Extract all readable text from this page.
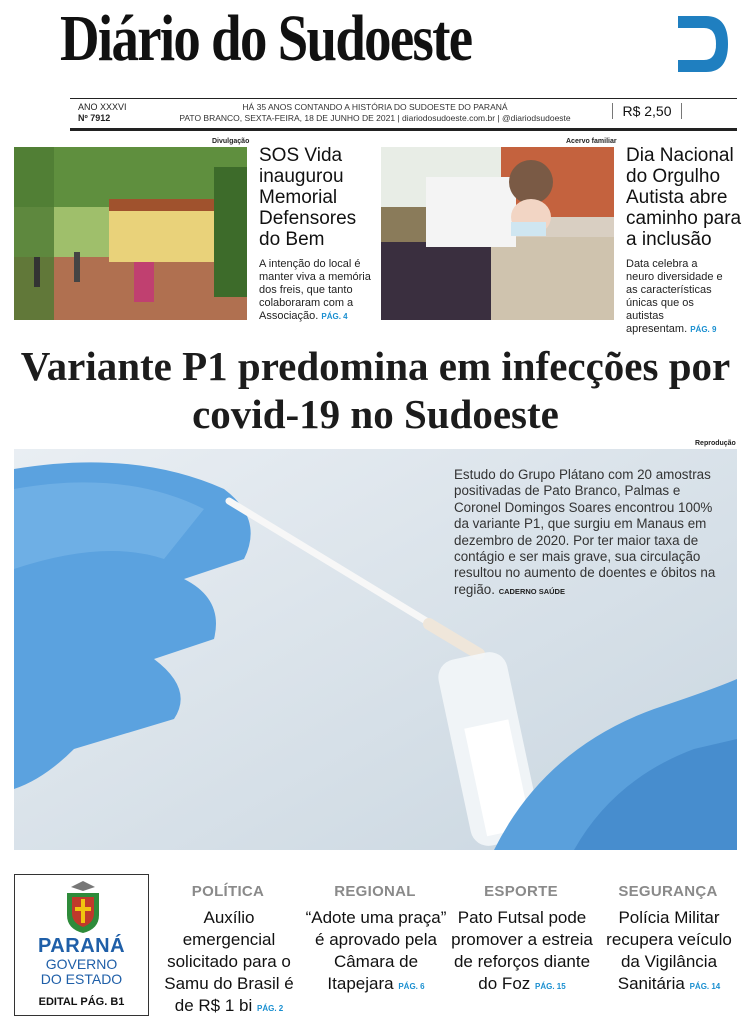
Diário do Sudoeste	35
ANO XXXVI
Nº 7912
HÁ 35 ANOS CONTANDO A HISTÓRIA DO SUDOESTE DO PARANÁ
PATO BRANCO, SEXTA-FEIRA, 18 DE JUNHO DE 2021 | diariodosudoeste.com.br | @diariodsudoeste	R$ 2,50
Divulgação
SOS Vida inaugurou Memorial Defensores do Bem
A intenção do local é manter viva a memória dos freis, que tanto colaboraram com a Associação. PÁG. 4
Acervo familiar
Dia Nacional do Orgulho Autista abre caminho para a inclusão
Data celebra a neuro diversidade e as características únicas que os autistas apresentam. PÁG. 9
Variante P1 predomina em infecções por covid-19 no Sudoeste
Reprodução
Estudo do Grupo Plátano com 20 amostras positivadas de Pato Branco, Palmas e Coronel Domingos Soares encontrou 100% da variante P1, que surgiu em Manaus em dezembro de 2020. Por ter maior taxa de contágio e ser mais grave, sua circulação resultou no aumento de doentes e óbitos na região. CADERNO SAÚDE
PARANÁ
GOVERNO
DO ESTADO
EDITAL PÁG. B1
POLÍTICA
Auxílio emergencial solicitado para o Samu do Brasil é de R$ 1 bi PÁG. 2
REGIONAL
“Adote uma praça” é aprovado pela Câmara de Itapejara PÁG. 6
ESPORTE
Pato Futsal pode promover a estreia de reforços diante do Foz PÁG. 15
SEGURANÇA
Polícia Militar recupera veículo da Vigilância Sanitária PÁG. 14
